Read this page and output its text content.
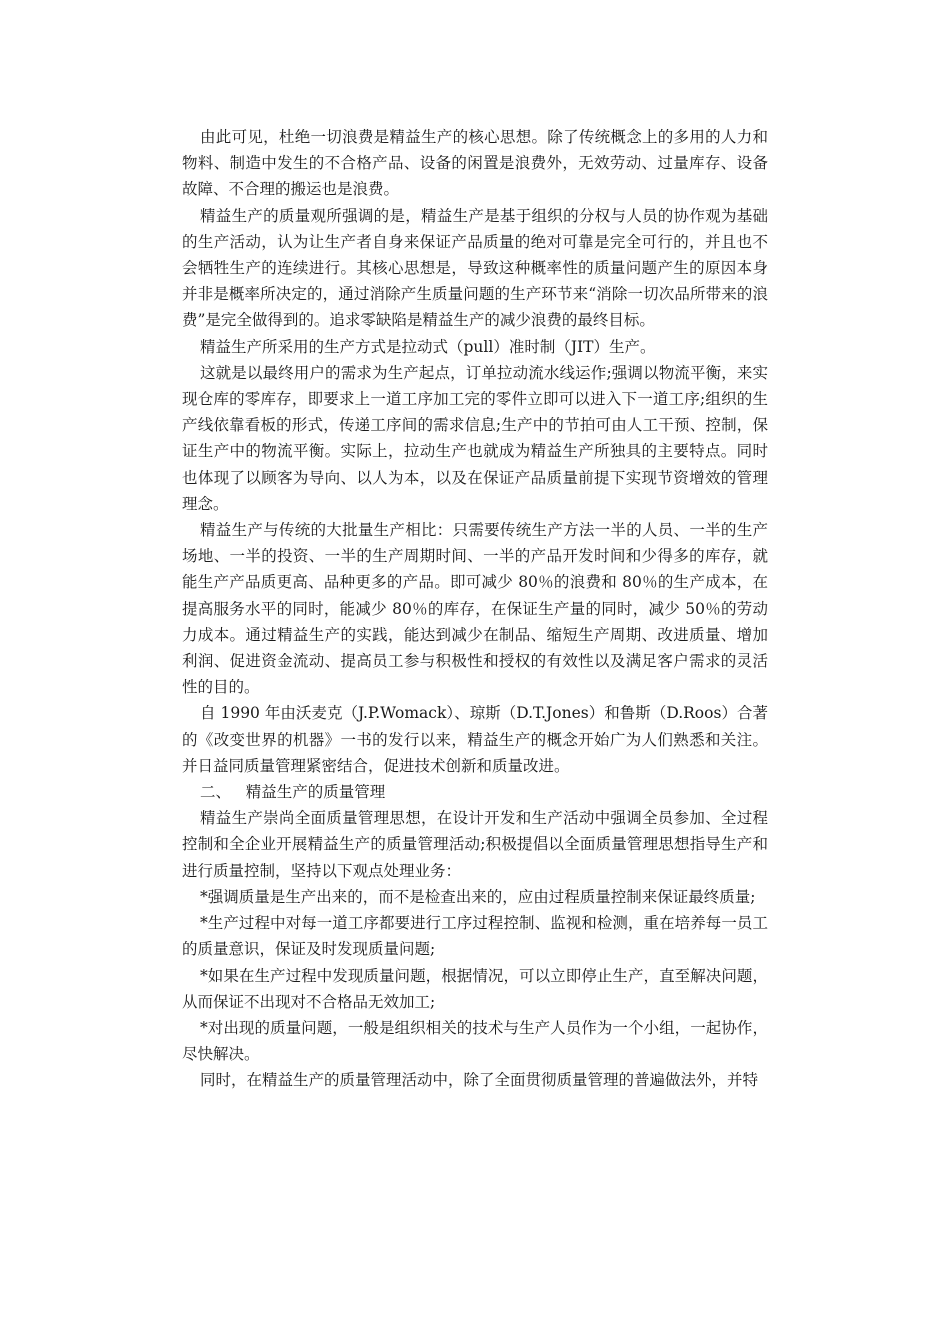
由此可见，杜绝一切浪费是精益生产的核心思想。除了传统概念上的多用的人力和物料、制造中发生的不合格产品、设备的闲置是浪费外，无效劳动、过量库存、设备故障、不合理的搬运也是浪费。

精益生产的质量观所强调的是，精益生产是基于组织的分权与人员的协作观为基础的生产活动，认为让生产者自身来保证产品质量的绝对可靠是完全可行的，并且也不会牺牲生产的连续进行。其核心思想是，导致这种概率性的质量问题产生的原因本身并非是概率所决定的，通过消除产生质量问题的生产环节来“消除一切次品所带来的浪费”是完全做得到的。追求零缺陷是精益生产的减少浪费的最终目标。

精益生产所采用的生产方式是拉动式（pull）准时制（JIT）生产。

这就是以最终用户的需求为生产起点，订单拉动流水线运作;强调以物流平衡，来实现仓库的零库存，即要求上一道工序加工完的零件立即可以进入下一道工序;组织的生产线依靠看板的形式，传递工序间的需求信息;生产中的节拍可由人工干预、控制，保证生产中的物流平衡。实际上，拉动生产也就成为精益生产所独具的主要特点。同时也体现了以顾客为导向、以人为本，以及在保证产品质量前提下实现节资增效的管理理念。

精益生产与传统的大批量生产相比：只需要传统生产方法一半的人员、一半的生产场地、一半的投资、一半的生产周期时间、一半的产品开发时间和少得多的库存，就能生产产品质更高、品种更多的产品。即可减少 80％的浪费和 80％的生产成本，在提高服务水平的同时，能减少 80％的库存，在保证生产量的同时，减少 50％的劳动力成本。通过精益生产的实践，能达到减少在制品、缩短生产周期、改进质量、增加利润、促进资金流动、提高员工参与积极性和授权的有效性以及满足客户需求的灵活性的目的。

自 1990 年由沃麦克（J.P.Womack）、琼斯（D.T.Jones）和鲁斯（D.Roos）合著的《改变世界的机器》一书的发行以来，精益生产的概念开始广为人们熟悉和关注。并日益同质量管理紧密结合，促进技术创新和质量改进。

二、   精益生产的质量管理

精益生产崇尚全面质量管理思想，在设计开发和生产活动中强调全员参加、全过程控制和全企业开展精益生产的质量管理活动;积极提倡以全面质量管理思想指导生产和进行质量控制，坚持以下观点处理业务：

*强调质量是生产出来的，而不是检查出来的，应由过程质量控制来保证最终质量;

*生产过程中对每一道工序都要进行工序过程控制、监视和检测，重在培养每一员工的质量意识，保证及时发现质量问题;

*如果在生产过程中发现质量问题，根据情况，可以立即停止生产，直至解决问题，从而保证不出现对不合格品无效加工;

*对出现的质量问题，一般是组织相关的技术与生产人员作为一个小组，一起协作，尽快解决。

同时，在精益生产的质量管理活动中，除了全面贯彻质量管理的普遍做法外，并特
